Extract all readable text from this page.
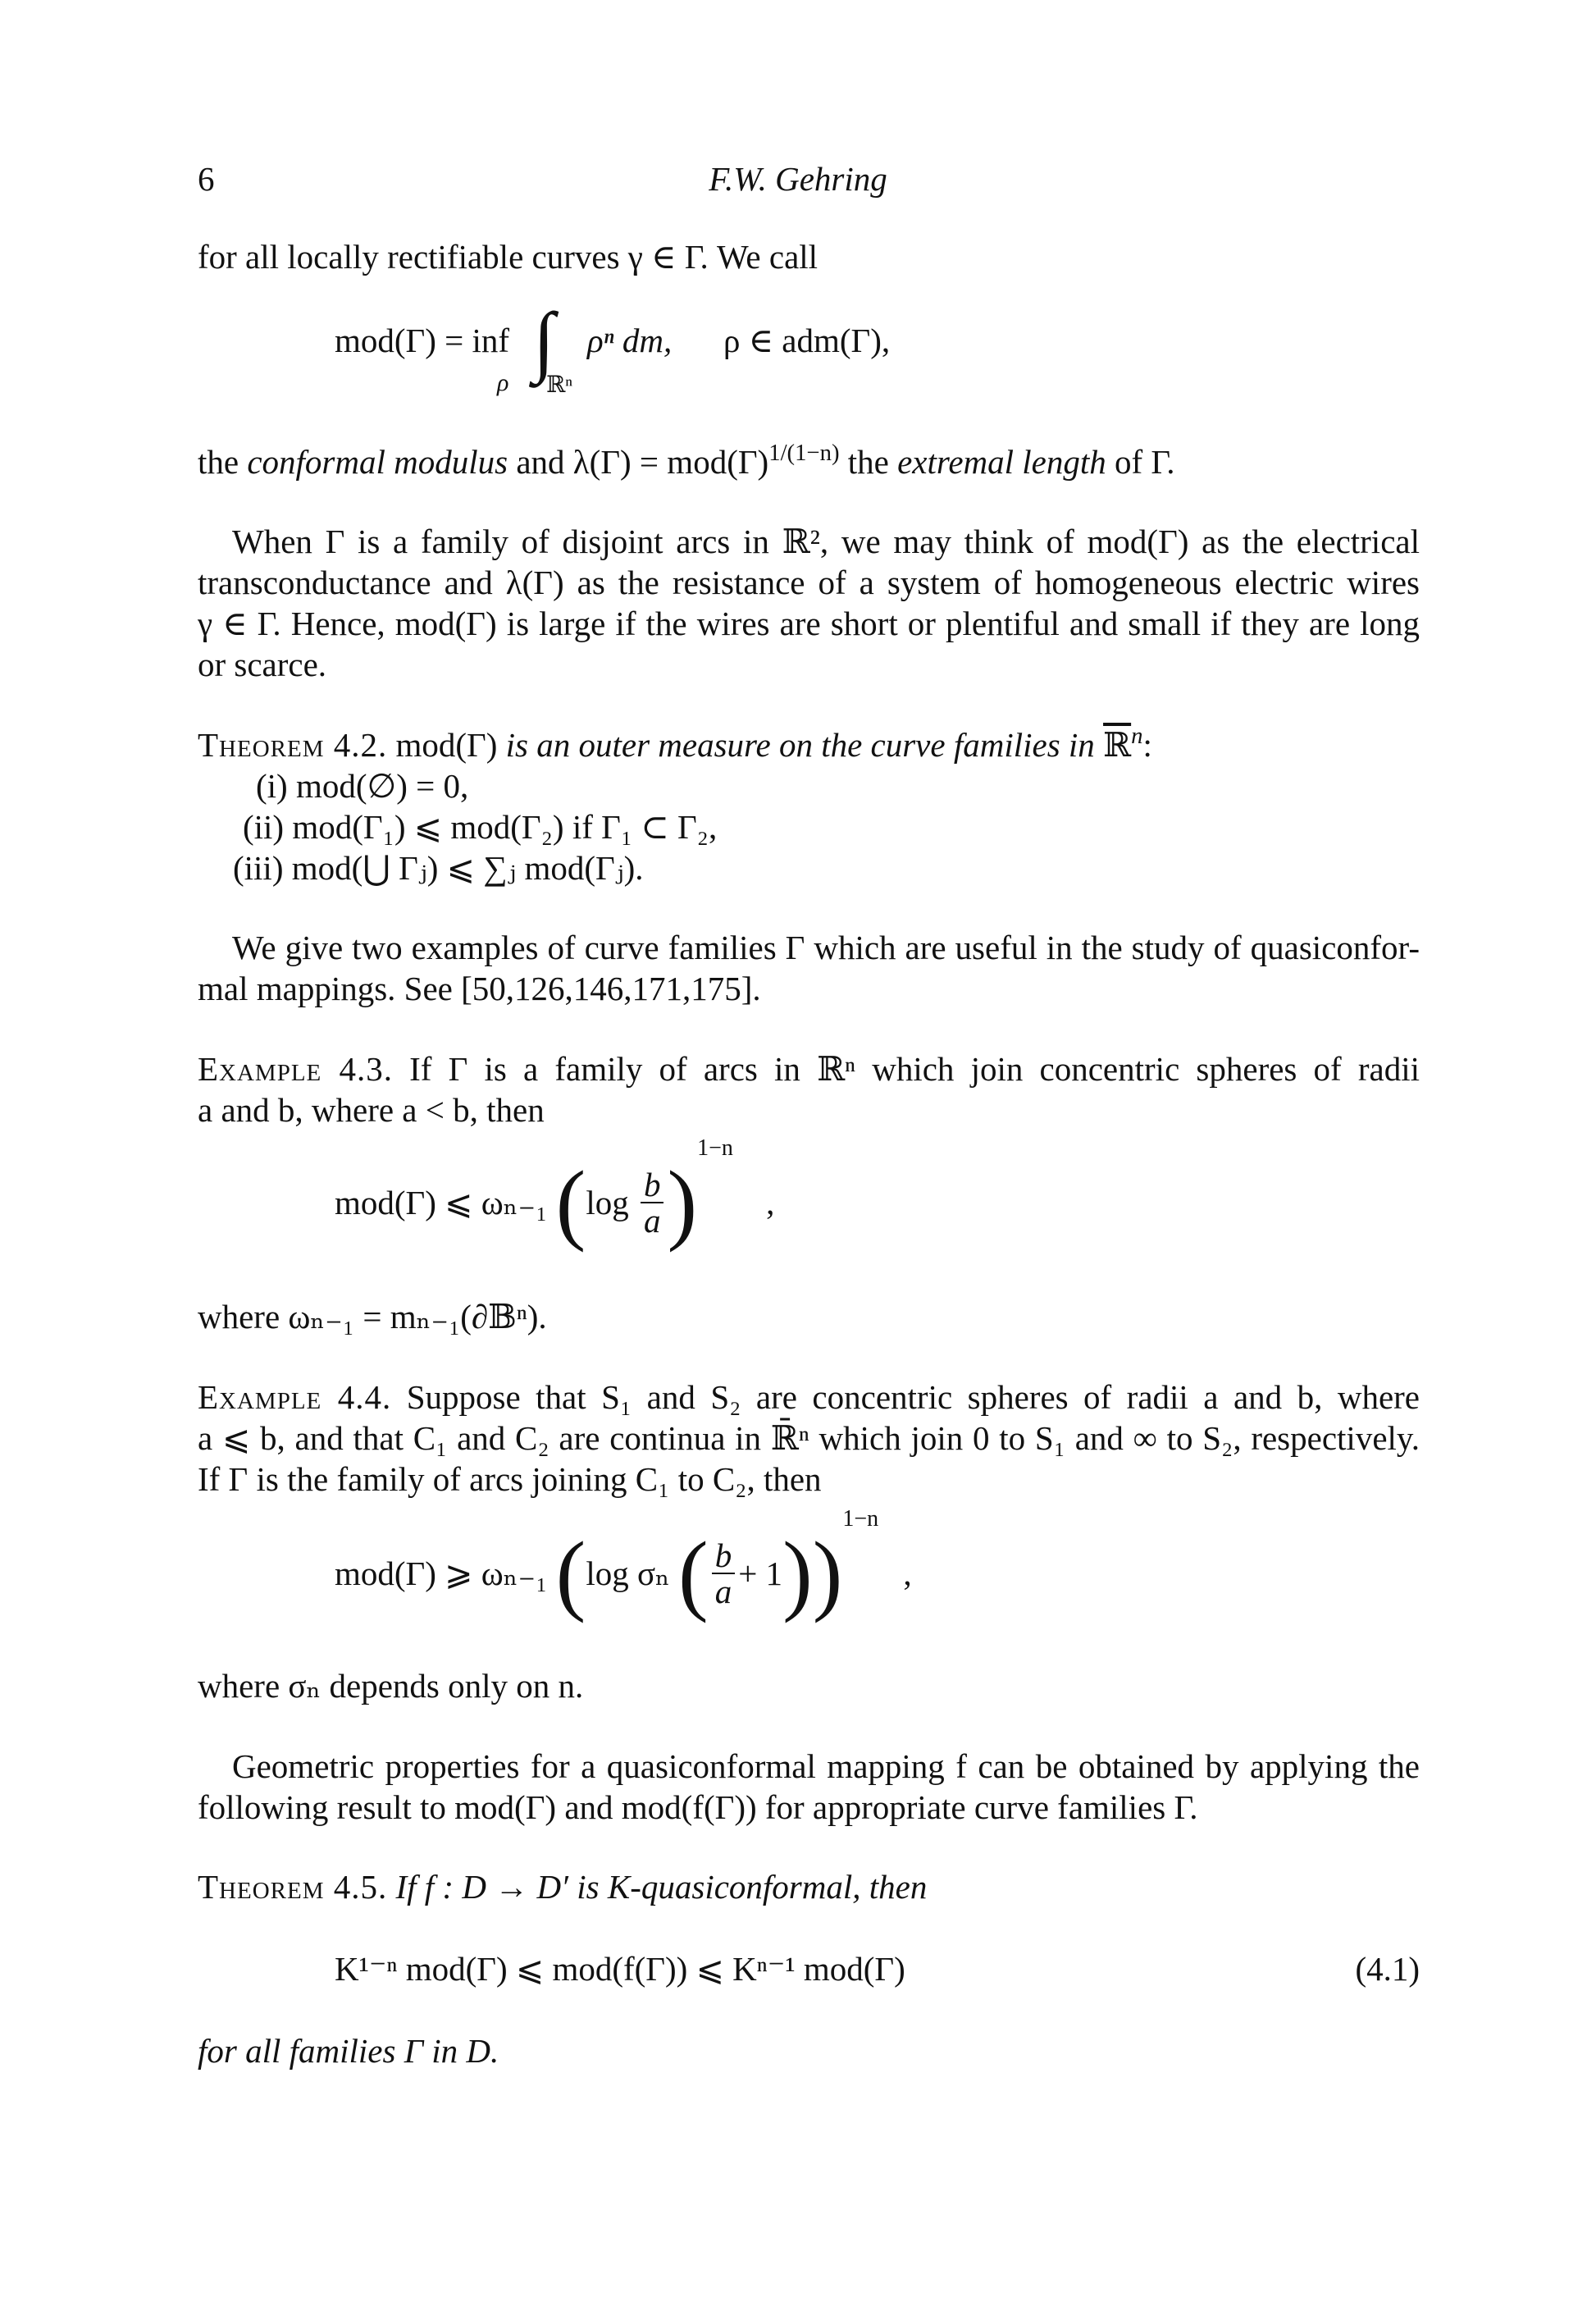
6	F.W. Gehring
for all locally rectifiable curves γ ∈ Γ. We call
mod(Γ) = inf
ρ ∫
ℝⁿ
ρⁿ dm, ρ ∈ adm(Γ),
the conformal modulus and $\lambda(\Gamma) = mod(\Gamma)^{1/(1-n)}$ the extremal length of Γ.
When Γ is a family of disjoint arcs in ℝ², we may think of mod(Γ) as the electrical
transconductance and λ(Γ) as the resistance of a system of homogeneous electric wires
γ ∈ Γ. Hence, mod(Γ) is large if the wires are short or plentiful and small if they are long
or scarce.
Theorem 4.2. mod(Γ) is an outer measure on the curve families in ℝ$^n$:
(i) mod(∅) = 0,
(ii) mod(Γ₁) ⩽ mod(Γ₂) if Γ₁ ⊂ Γ₂,
(iii) mod(⋃ Γⱼ) ⩽ ∑ⱼ mod(Γⱼ).
We give two examples of curve families Γ which are useful in the study of quasiconfor-
mal mappings. See [50,126,146,171,175].
Example 4.3. If Γ is a family of arcs in ℝⁿ which join concentric spheres of radii
a and b, where a < b, then
mod(Γ) ⩽ ωₙ₋₁ $(\log \frac{b}{a} )^{1-n}$ ,
where ωₙ₋₁ = mₙ₋₁(∂𝔹ⁿ).
Example 4.4. Suppose that S₁ and S₂ are concentric spheres of radii a and b, where
a ⩽ b, and that C₁ and C₂ are continua in ℝ̄ⁿ which join 0 to S₁ and ∞ to S₂, respectively.
If Γ is the family of arcs joining C₁ to C₂, then
mod(Γ) ⩾ ωₙ₋₁ (log σₙ ( $\frac{b}{a} + 1))^{1-n}$ ,
where σₙ depends only on n.
Geometric properties for a quasiconformal mapping f can be obtained by applying the
following result to mod(Γ) and mod(f(Γ)) for appropriate curve families Γ.
Theorem 4.5. If f : D → D′ is K-quasiconformal, then
K¹⁻ⁿ mod(Γ) ⩽ mod(f(Γ)) ⩽ Kⁿ⁻¹ mod(Γ)	(4.1)
for all families Γ in D.
